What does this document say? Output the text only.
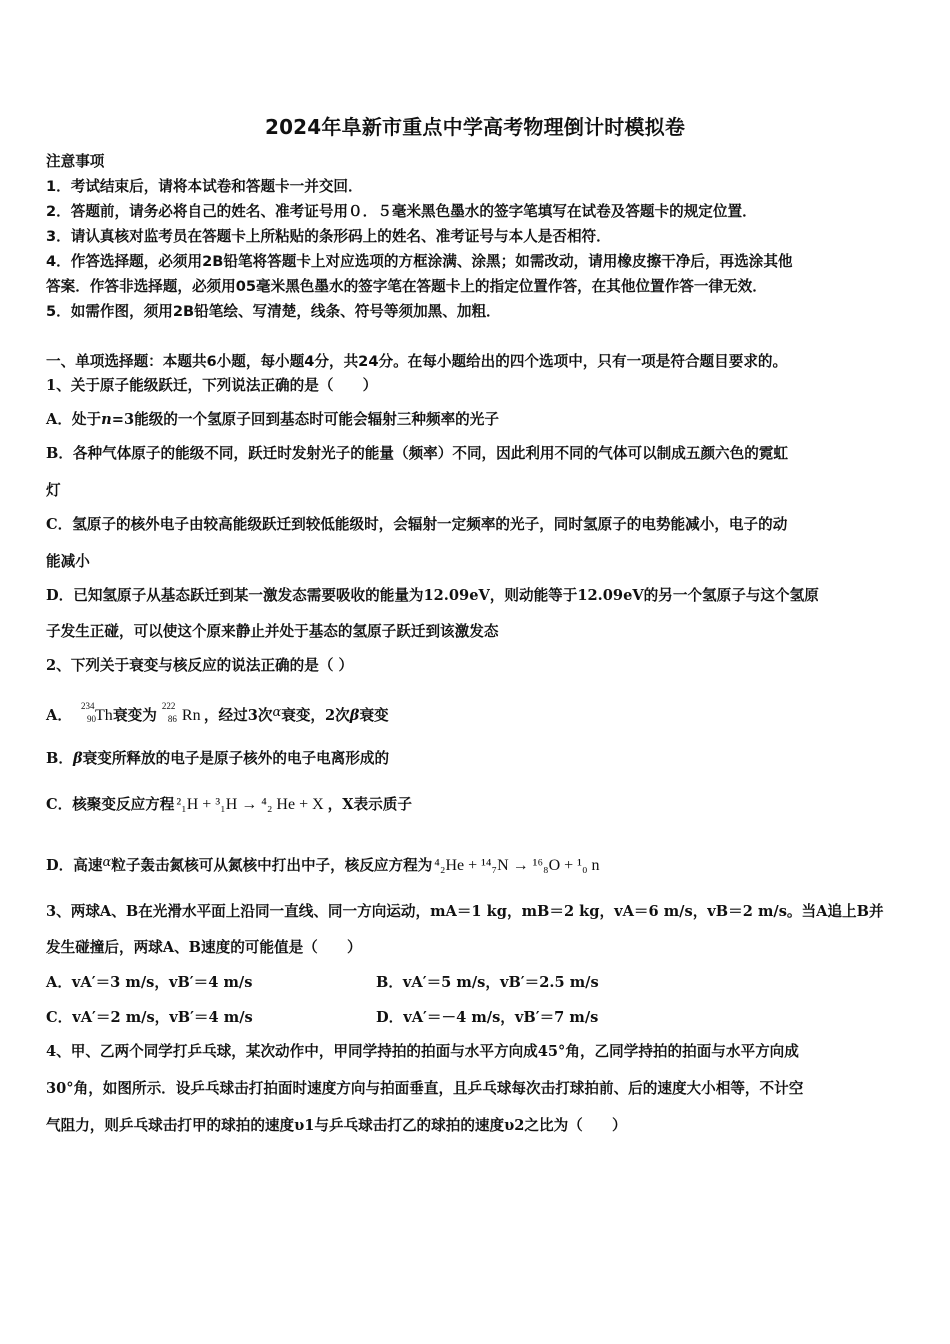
2024年阜新市重点中学高考物理倒计时模拟卷
注意事项
1．考试结束后，请将本试卷和答题卡一并交回．
2．答题前，请务必将自己的姓名、准考证号用０．５毫米黑色墨水的签字笔填写在试卷及答题卡的规定位置．
3．请认真核对监考员在答题卡上所粘贴的条形码上的姓名、准考证号与本人是否相符．
4．作答选择题，必须用2B铅笔将答题卡上对应选项的方框涂满、涂黑；如需改动，请用橡皮擦干净后，再选涂其他
答案．作答非选择题，必须用05毫米黑色墨水的签字笔在答题卡上的指定位置作答，在其他位置作答一律无效．
5．如需作图，须用2B铅笔绘、写清楚，线条、符号等须加黑、加粗．
一、单项选择题：本题共6小题，每小题4分，共24分。在每小题给出的四个选项中，只有一项是符合题目要求的。
1、关于原子能级跃迁，下列说法正确的是（　　）
A．处于n=3能级的一个氢原子回到基态时可能会辐射三种频率的光子
B．各种气体原子的能级不同，跃迁时发射光子的能量（频率）不同，因此利用不同的气体可以制成五颜六色的霓虹
灯
C．氢原子的核外电子由较高能级跃迁到较低能级时，会辐射一定频率的光子，同时氢原子的电势能减小，电子的动
能减小
D．已知氢原子从基态跃迁到某一激发态需要吸收的能量为12.09eV，则动能等于12.09eV的另一个氢原子与这个氢原
子发生正碰，可以使这个原来静止并处于基态的氢原子跃迁到该激发态
2、下列关于衰变与核反应的说法正确的是（ ）
A．
234
90 Th衰变为
222
86 Rn ，经过3次α衰变，2次β衰变
B．β衰变所释放的电子是原子核外的电子电离形成的
C．核聚变反应方程 ²₁H + ³₁H → ⁴₂ He + X ，X表示质子
D．高速α粒子轰击氮核可从氮核中打出中子，核反应方程为 ⁴₂He + ¹⁴₇N → ¹⁶₈O + ¹₀ n
3、两球A、B在光滑水平面上沿同一直线、同一方向运动，mA＝1 kg，mB＝2 kg，vA＝6 m/s，vB＝2 m/s。当A追上B并
发生碰撞后，两球A、B速度的可能值是（　　）
A．vA′＝3 m/s，vB′＝4 m/s	B．vA′＝5 m/s，vB′＝2.5 m/s
C．vA′＝2 m/s，vB′＝4 m/s	D．vA′＝－4 m/s，vB′＝7 m/s
4、甲、乙两个同学打乒乓球，某次动作中，甲同学持拍的拍面与水平方向成45°角，乙同学持拍的拍面与水平方向成
30°角，如图所示．设乒乓球击打拍面时速度方向与拍面垂直，且乒乓球每次击打球拍前、后的速度大小相等，不计空
气阻力，则乒乓球击打甲的球拍的速度υ1与乒乓球击打乙的球拍的速度υ2之比为（　　）
